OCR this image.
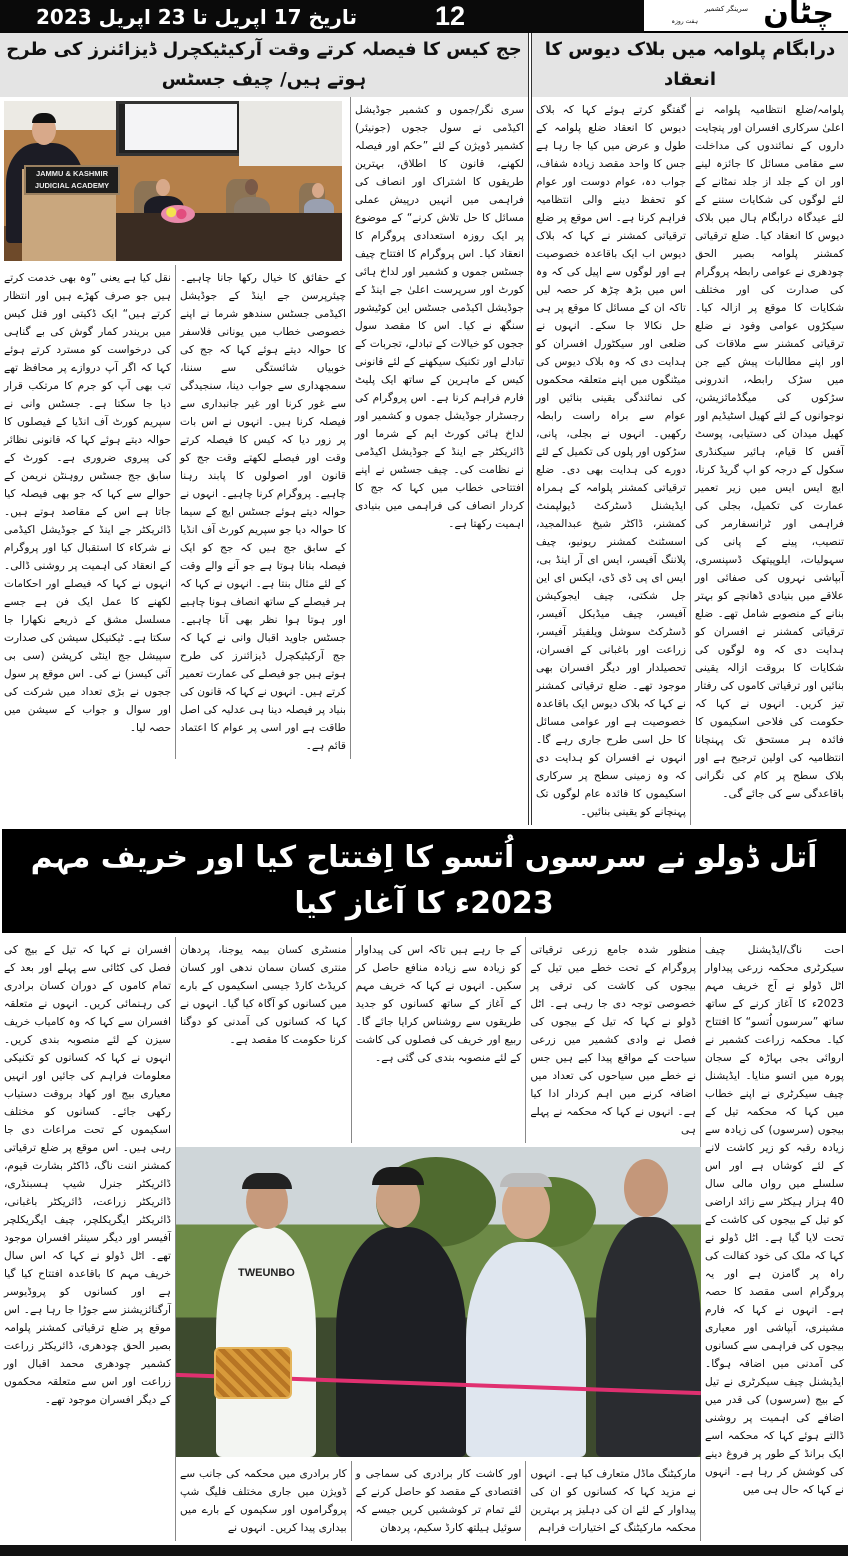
تاریخ 17 اپریل تا 23 اپریل 2023	12	چٹان
سرینگر کشمیر
ہفت روزہ
جج کیس کا فیصلہ کرتے وقت آرکیٹیکچرل ڈیزائنرز کی طرح ہوتے ہیں/ چیف جسٹس
JAMMU & KASHMIR
JUDICIAL ACADEMY
نقل کیا ہے یعنی ”وہ بھی خدمت کرتے ہیں جو صرف کھڑے ہیں اور انتظار کرتے ہیں“ ایک ڈکیتی اور قتل کیس میں بریندر کمار گوش کی بے گناہی کی درخواست کو مسترد کرتے ہوئے کہا کہ اگر آپ دروازے پر محافظ تھے تب بھی آپ کو جرم کا مرتکب قرار دیا جا سکتا ہے۔ جسٹس وانی نے سپریم کورٹ آف انڈیا کے فیصلوں کا حوالہ دیتے ہوئے کہا کہ قانونی نظائر کی پیروی ضروری ہے۔ کورٹ کے سابق جج جسٹس روہنٹن نریمن کے حوالے سے کہا کہ جو بھی فیصلہ کیا جاتا ہے اس کے مقاصد ہوتے ہیں۔ ڈائریکٹر جے اینڈ کے جوڈیشل اکیڈمی نے شرکاء کا استقبال کیا اور پروگرام کے انعقاد کی اہمیت پر روشنی ڈالی۔ انہوں نے کہا کہ فیصلے اور احکامات لکھنے کا عمل ایک فن ہے جسے مسلسل مشق کے ذریعے نکھارا جا سکتا ہے۔ ٹیکنیکل سیشن کی صدارت سپیشل جج اینٹی کرپشن (سی بی آئی کیسز) نے کی۔ اس موقع پر سول ججوں نے بڑی تعداد میں شرکت کی اور سوال و جواب کے سیشن میں حصہ لیا۔
کے حقائق کا خیال رکھا جانا چاہیے۔ چیئرپرسن جے اینڈ کے جوڈیشل اکیڈمی جسٹس سندھو شرما نے اپنے خصوصی خطاب میں یونانی فلاسفر کا حوالہ دیتے ہوئے کہا کہ جج کی خوبیاں شائستگی سے سننا، سمجھداری سے جواب دینا، سنجیدگی سے غور کرنا اور غیر جانبداری سے فیصلہ کرنا ہیں۔ انہوں نے اس بات پر زور دیا کہ کیس کا فیصلہ کرتے وقت اور فیصلے لکھتے وقت جج کو قانون اور اصولوں کا پابند رہنا چاہیے۔ پروگرام کرنا چاہیے۔ انہوں نے حوالہ دیتے ہوئے جسٹس ایچ کے سیما کا حوالہ دیا جو سپریم کورٹ آف انڈیا کے سابق جج ہیں کہ جج کو ایک فیصلہ بنانا ہوتا ہے جو آنے والے وقت کے لئے مثال بنتا ہے۔ انہوں نے کہا کہ ہر فیصلے کے ساتھ انصاف ہونا چاہیے اور ہوتا ہوا نظر بھی آنا چاہیے۔ جسٹس جاوید اقبال وانی نے کہا کہ جج آرکیٹیکچرل ڈیزائنرز کی طرح ہوتے ہیں جو فیصلے کی عمارت تعمیر کرتے ہیں۔ انہوں نے کہا کہ قانون کی بنیاد پر فیصلہ دینا ہی عدلیہ کی اصل طاقت ہے اور اسی پر عوام کا اعتماد قائم ہے۔
سری نگر/جموں و کشمیر جوڈیشل اکیڈمی نے سول ججوں (جونیئر) کشمیر ڈویژن کے لئے ”حکم اور فیصلہ لکھنے، قانون کا اطلاق، بہترین طریقوں کا اشتراک اور انصاف کی فراہمی میں انہیں درپیش عملی مسائل کا حل تلاش کرنے“ کے موضوع پر ایک روزہ استعدادی پروگرام کا انعقاد کیا۔ اس پروگرام کا افتتاح چیف جسٹس جموں و کشمیر اور لداخ ہائی کورٹ اور سرپرست اعلیٰ جے اینڈ کے جوڈیشل اکیڈمی جسٹس این کوٹیشور سنگھ نے کیا۔ اس کا مقصد سول ججوں کو خیالات کے تبادلے، تجربات کے تبادلے اور تکنیک سیکھنے کے لئے قانونی کیس کے ماہرین کے ساتھ ایک پلیٹ فارم فراہم کرنا ہے۔ اس پروگرام کی رجسٹرار جوڈیشل جموں و کشمیر اور لداخ ہائی کورٹ ایم کے شرما اور ڈائریکٹر جے اینڈ کے جوڈیشل اکیڈمی نے نظامت کی۔ چیف جسٹس نے اپنے افتتاحی خطاب میں کہا کہ جج کا کردار انصاف کی فراہمی میں بنیادی اہمیت رکھتا ہے۔
درابگام پلوامہ میں بلاک دیوس کا انعقاد
گفتگو کرتے ہوئے کہا کہ بلاک دیوس کا انعقاد ضلع پلوامہ کے طول و عرض میں کیا جا رہا ہے جس کا واحد مقصد زیادہ شفاف، جواب دہ، عوام دوست اور عوام کو تحفظ دینے والی انتظامیہ فراہم کرنا ہے۔ اس موقع پر ضلع ترقیاتی کمشنر نے کہا کہ بلاک دیوس اب ایک باقاعدہ خصوصیت ہے اور لوگوں سے اپیل کی کہ وہ اس میں بڑھ چڑھ کر حصہ لیں تاکہ ان کے مسائل کا موقع پر ہی حل نکالا جا سکے۔ انہوں نے ضلعی اور سیکٹورل افسران کو ہدایت دی کہ وہ بلاک دیوس کی میٹنگوں میں اپنے متعلقہ محکموں کی نمائندگی یقینی بنائیں اور عوام سے براہ راست رابطہ رکھیں۔ انہوں نے بجلی، پانی، سڑکوں اور پلوں کی تکمیل کے لئے دورے کی ہدایت بھی دی۔ ضلع ترقیاتی کمشنر پلوامہ کے ہمراہ ایڈیشنل ڈسٹرکٹ ڈیولپمنٹ کمشنر، ڈاکٹر شیخ عبدالمجید، اسسٹنٹ کمشنر ریونیو، چیف پلاننگ آفیسر، ایس ای آر اینڈ بی، ایس ای پی ڈی ڈی، ایکس ای این جل شکتی، چیف ایجوکیشن آفیسر، چیف میڈیکل آفیسر، ڈسٹرکٹ سوشل ویلفیئر آفیسر، زراعت اور باغبانی کے افسران، تحصیلدار اور دیگر افسران بھی موجود تھے۔ ضلع ترقیاتی کمشنر نے کہا کہ بلاک دیوس ایک باقاعدہ خصوصیت ہے اور عوامی مسائل کا حل اسی طرح جاری رہے گا۔ انہوں نے افسران کو ہدایت دی کہ وہ زمینی سطح پر سرکاری اسکیموں کا فائدہ عام لوگوں تک پہنچانے کو یقینی بنائیں۔
پلوامہ/ضلع انتظامیہ پلوامہ نے اعلیٰ سرکاری افسران اور پنچایت داروں کے نمائندوں کی مداخلت سے مقامی مسائل کا جائزہ لینے اور ان کے جلد از جلد نمٹانے کے لئے لوگوں کی شکایات سننے کے لئے عیدگاہ درابگام ہال میں بلاک دیوس کا انعقاد کیا۔ ضلع ترقیاتی کمشنر پلوامہ بصیر الحق چودھری نے عوامی رابطہ پروگرام کی صدارت کی اور مختلف شکایات کا موقع پر ازالہ کیا۔ سیکڑوں عوامی وفود نے ضلع ترقیاتی کمشنر سے ملاقات کی اور اپنے مطالبات پیش کیے جن میں سڑک رابطہ، اندرونی سڑکوں کی میگڈمائزیشن، نوجوانوں کے لئے کھیل اسٹیڈیم اور کھیل میدان کی دستیابی، پوسٹ آفس کا قیام، ہائیر سیکنڈری سکول کے درجہ کو اپ گریڈ کرنا، ایچ ایس ایس میں زیر تعمیر عمارت کی تکمیل، بجلی کی فراہمی اور ٹرانسفارمر کی تنصیب، پینے کے پانی کی سہولیات، ایلوپیتھک ڈسپنسری، آبپاشی نہروں کی صفائی اور علاقے میں بنیادی ڈھانچے کو بہتر بنانے کے منصوبے شامل تھے۔ ضلع ترقیاتی کمشنر نے افسران کو ہدایت دی کہ وہ لوگوں کی شکایات کا بروقت ازالہ یقینی بنائیں اور ترقیاتی کاموں کی رفتار تیز کریں۔ انہوں نے کہا کہ حکومت کی فلاحی اسکیموں کا فائدہ ہر مستحق تک پہنچانا انتظامیہ کی اولین ترجیح ہے اور بلاک سطح پر کام کی نگرانی باقاعدگی سے کی جائے گی۔
اَتل ڈولو نے سرسوں اُتسو کا اِفتتاح کیا اور خریف مہم 2023ء کا آغاز کیا
افسران نے کہا کہ تیل کے بیج کی فصل کی کٹائی سے پہلے اور بعد کے تمام کاموں کے دوران کسان برادری کی رہنمائی کریں۔ انہوں نے متعلقہ افسران سے کہا کہ وہ کامیاب خریف سیزن کے لئے منصوبہ بندی کریں۔ انہوں نے کہا کہ کسانوں کو تکنیکی معلومات فراہم کی جائیں اور انہیں معیاری بیج اور کھاد بروقت دستیاب رکھی جائے۔ کسانوں کو مختلف اسکیموں کے تحت مراعات دی جا رہی ہیں۔ اس موقع پر ضلع ترقیاتی کمشنر اننت ناگ، ڈاکٹر بشارت قیوم، ڈائریکٹر جنرل شیپ ہسبنڈری، ڈائریکٹر زراعت، ڈائریکٹر باغبانی، ڈائریکٹر ایگریکلچر، چیف ایگریکلچر آفیسر اور دیگر سینئر افسران موجود تھے۔ اٹل ڈولو نے کہا کہ اس سال خریف مہم کا باقاعدہ افتتاح کیا گیا ہے اور کسانوں کو پروڈیوسر آرگنائزیشنز سے جوڑا جا رہا ہے۔ اس موقع پر ضلع ترقیاتی کمشنر پلوامہ بصیر الحق چودھری، ڈائریکٹر زراعت کشمیر چودھری محمد اقبال اور زراعت اور اس سے متعلقہ محکموں کے دیگر افسران موجود تھے۔
منسٹری کسان بیمہ یوجنا، پردھان منتری کسان سمان ندھی اور کسان کریڈٹ کارڈ جیسی اسکیموں کے بارے میں کسانوں کو آگاہ کیا گیا۔ انہوں نے کہا کہ کسانوں کی آمدنی کو دوگنا کرنا حکومت کا مقصد ہے۔
کے جا رہے ہیں تاکہ اس کی پیداوار کو زیادہ سے زیادہ منافع حاصل کر سکیں۔ انہوں نے کہا کہ خریف مہم کے آغاز کے ساتھ کسانوں کو جدید طریقوں سے روشناس کرایا جائے گا۔ ربیع اور خریف کی فصلوں کی کاشت کے لئے منصوبہ بندی کی گئی ہے۔
منظور شدہ جامع زرعی ترقیاتی پروگرام کے تحت خطے میں تیل کے بیجوں کی کاشت کی ترقی پر خصوصی توجہ دی جا رہی ہے۔ اٹل ڈولو نے کہا کہ تیل کے بیجوں کی فصل نے وادی کشمیر میں زرعی سیاحت کے مواقع پیدا کیے ہیں جس نے خطے میں سیاحوں کی تعداد میں اضافہ کرنے میں اہم کردار ادا کیا ہے۔ انہوں نے کہا کہ محکمہ نے پہلے ہی
TWEUNBO
کار برادری میں محکمہ کی جانب سے ڈویژن میں جاری مختلف فلیگ شپ پروگراموں اور سکیموں کے بارے میں بیداری پیدا کریں۔ انہوں نے
اور کاشت کار برادری کی سماجی و اقتصادی کے مقصد کو حاصل کرنے کے لئے تمام تر کوششیں کریں جیسے کہ سوئیل ہیلتھ کارڈ سکیم، پردھان
مارکیٹنگ ماڈل متعارف کیا ہے۔ انہوں نے مزید کہا کہ کسانوں کو ان کی پیداوار کے لئے ان کی دہلیز پر بہترین محکمہ مارکیٹنگ کے اختیارات فراہم
احت ناگ/ایڈیشنل چیف سیکرٹری محکمہ زرعی پیداوار اٹل ڈولو نے آج خریف مہم 2023ء کا آغاز کرنے کے ساتھ ساتھ ”سرسوں اُتسو“ کا افتتاح کیا۔ محکمہ زراعت کشمیر نے اروائی بجی بہاڑہ کے سجان پورہ میں اتسو منایا۔ ایڈیشنل چیف سیکرٹری نے اپنے خطاب میں کہا کہ محکمہ تیل کے بیجوں (سرسوں) کی زیادہ سے زیادہ رقبہ کو زیر کاشت لانے کے لئے کوشاں ہے اور اس سلسلے میں رواں مالی سال 40 ہزار ہیکٹر سے زائد اراضی کو تیل کے بیجوں کی کاشت کے تحت لایا گیا ہے۔ اٹل ڈولو نے کہا کہ ملک کی خود کفالت کی راہ پر گامزن ہے اور یہ پروگرام اسی مقصد کا حصہ ہے۔ انہوں نے کہا کہ فارم مشینری، آبپاشی اور معیاری بیجوں کی فراہمی سے کسانوں کی آمدنی میں اضافہ ہوگا۔ ایڈیشنل چیف سیکرٹری نے تیل کے بیج (سرسوں) کی قدر میں اضافے کی اہمیت پر روشنی ڈالتے ہوئے کہا کہ محکمہ اسے ایک برانڈ کے طور پر فروغ دینے کی کوشش کر رہا ہے۔ انہوں نے کہا کہ حال ہی میں
